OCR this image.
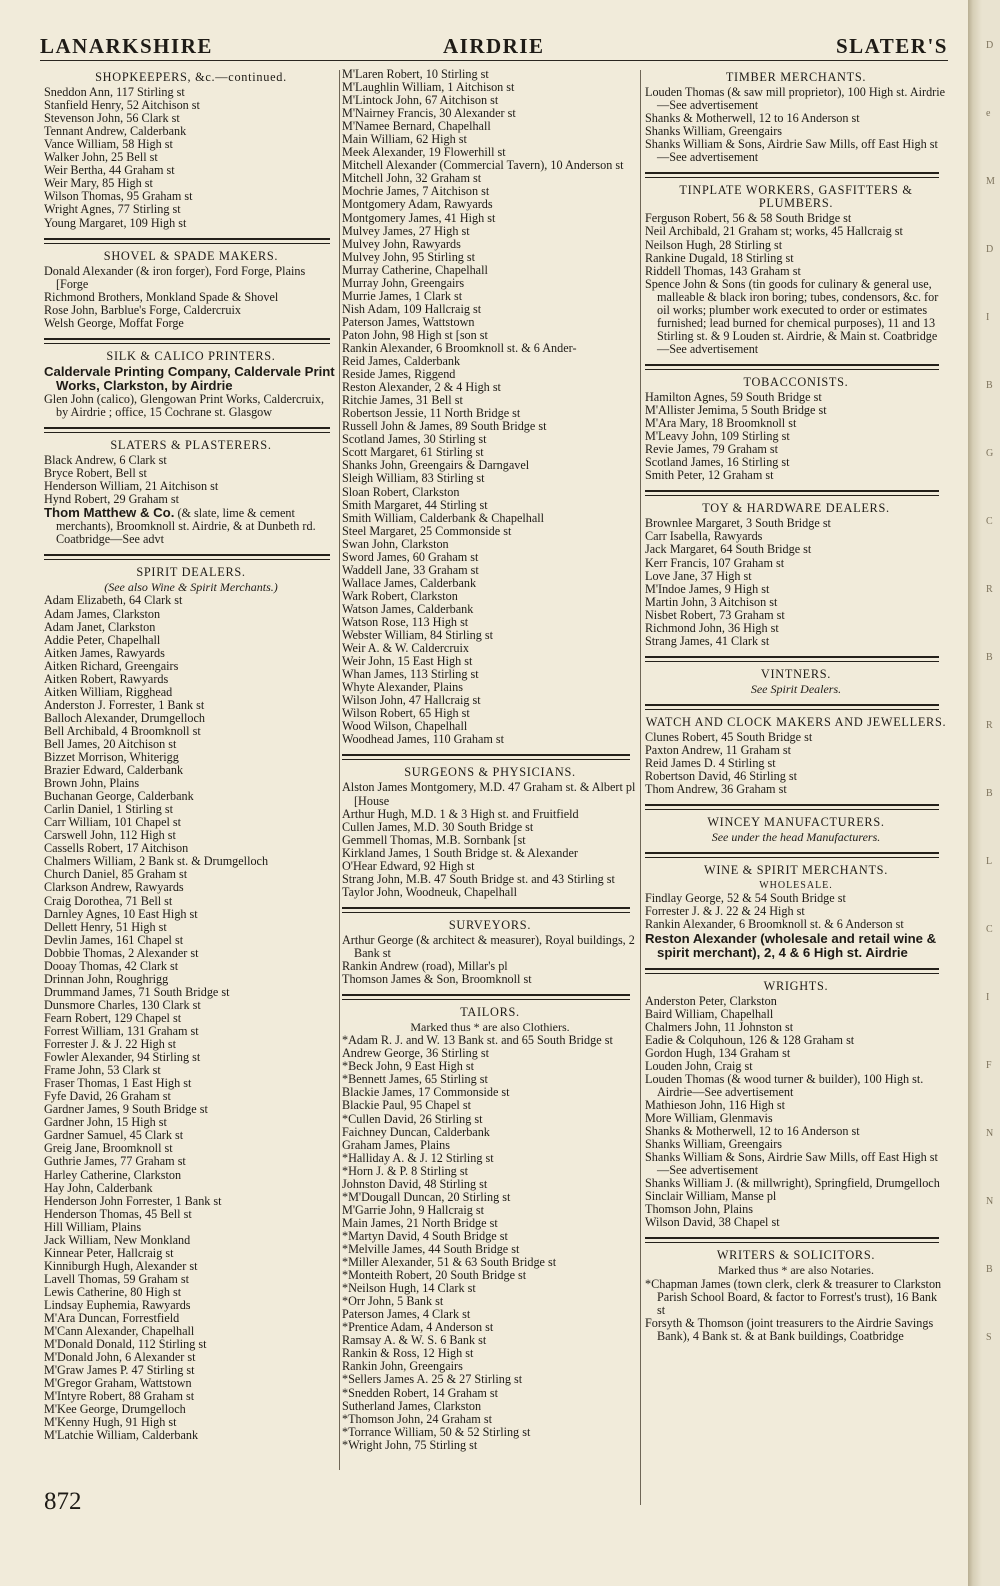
LANARKSHIRE	AIRDRIE	SLATER'S
SHOPKEEPERS, &c.—continued.
Sneddon Ann, 117 Stirling st
Stanfield Henry, 52 Aitchison st
Stevenson John, 56 Clark st
Tennant Andrew, Calderbank
Vance William, 58 High st
Walker John, 25 Bell st
Weir Bertha, 44 Graham st
Weir Mary, 85 High st
Wilson Thomas, 95 Graham st
Wright Agnes, 77 Stirling st
Young Margaret, 109 High st
SHOVEL & SPADE MAKERS.
Donald Alexander (& iron forger), Ford Forge, Plains [Forge
Richmond Brothers, Monkland Spade & Shovel
Rose John, Barblue's Forge, Caldercruix
Welsh George, Moffat Forge
SILK & CALICO PRINTERS.
Caldervale Printing Company, Caldervale Print Works, Clarkston, by Airdrie
Glen John (calico), Glengowan Print Works, Caldercruix, by Airdrie ; office, 15 Cochrane st. Glasgow
SLATERS & PLASTERERS.
Black Andrew, 6 Clark st
Bryce Robert, Bell st
Henderson William, 21 Aitchison st
Hynd Robert, 29 Graham st
Thom Matthew & Co. (& slate, lime & cement merchants), Broomknoll st. Airdrie, & at Dunbeth rd. Coatbridge—See advt
SPIRIT DEALERS.
(See also Wine & Spirit Merchants.)
Adam Elizabeth, 64 Clark st
Adam James, Clarkston
Adam Janet, Clarkston
Addie Peter, Chapelhall
Aitken James, Rawyards
Aitken Richard, Greengairs
Aitken Robert, Rawyards
Aitken William, Rigghead
Anderston J. Forrester, 1 Bank st
Balloch Alexander, Drumgelloch
Bell Archibald, 4 Broomknoll st
Bell James, 20 Aitchison st
Bizzet Morrison, Whiterigg
Brazier Edward, Calderbank
Brown John, Plains
Buchanan George, Calderbank
Carlin Daniel, 1 Stirling st
Carr William, 101 Chapel st
Carswell John, 112 High st
Cassells Robert, 17 Aitchison
Chalmers William, 2 Bank st. & Drumgelloch
Church Daniel, 85 Graham st
Clarkson Andrew, Rawyards
Craig Dorothea, 71 Bell st
Darnley Agnes, 10 East High st
Dellett Henry, 51 High st
Devlin James, 161 Chapel st
Dobbie Thomas, 2 Alexander st
Dooay Thomas, 42 Clark st
Drinnan John, Roughrigg
Drummand James, 71 South Bridge st
Dunsmore Charles, 130 Clark st
Fearn Robert, 129 Chapel st
Forrest William, 131 Graham st
Forrester J. & J. 22 High st
Fowler Alexander, 94 Stirling st
Frame John, 53 Clark st
Fraser Thomas, 1 East High st
Fyfe David, 26 Graham st
Gardner James, 9 South Bridge st
Gardner John, 15 High st
Gardner Samuel, 45 Clark st
Greig Jane, Broomknoll st
Guthrie James, 77 Graham st
Harley Catherine, Clarkston
Hay John, Calderbank
Henderson John Forrester, 1 Bank st
Henderson Thomas, 45 Bell st
Hill William, Plains
Jack William, New Monkland
Kinnear Peter, Hallcraig st
Kinniburgh Hugh, Alexander st
Lavell Thomas, 59 Graham st
Lewis Catherine, 80 High st
Lindsay Euphemia, Rawyards
M'Ara Duncan, Forrestfield
M'Cann Alexander, Chapelhall
M'Donald Donald, 112 Stirling st
M'Donald John, 6 Alexander st
M'Graw James P. 47 Stirling st
M'Gregor Graham, Wattstown
M'Intyre Robert, 88 Graham st
M'Kee George, Drumgelloch
M'Kenny Hugh, 91 High st
M'Latchie William, Calderbank
M'Laren Robert, 10 Stirling st
M'Laughlin William, 1 Aitchison st
M'Lintock John, 67 Aitchison st
M'Nairney Francis, 30 Alexander st
M'Namee Bernard, Chapelhall
Main William, 62 High st
Meek Alexander, 19 Flowerhill st
Mitchell Alexander (Commercial Tavern), 10 Anderson st
Mitchell John, 32 Graham st
Mochrie James, 7 Aitchison st
Montgomery Adam, Rawyards
Montgomery James, 41 High st
Mulvey James, 27 High st
Mulvey John, Rawyards
Mulvey John, 95 Stirling st
Murray Catherine, Chapelhall
Murray John, Greengairs
Murrie James, 1 Clark st
Nish Adam, 109 Hallcraig st
Paterson James, Wattstown
Paton John, 98 High st [son st
Rankin Alexander, 6 Broomknoll st. & 6 Ander-
Reid James, Calderbank
Reside James, Riggend
Reston Alexander, 2 & 4 High st
Ritchie James, 31 Bell st
Robertson Jessie, 11 North Bridge st
Russell John & James, 89 South Bridge st
Scotland James, 30 Stirling st
Scott Margaret, 61 Stirling st
Shanks John, Greengairs & Darngavel
Sleigh William, 83 Stirling st
Sloan Robert, Clarkston
Smith Margaret, 44 Stirling st
Smith William, Calderbank & Chapelhall
Steel Margaret, 25 Commonside st
Swan John, Clarkston
Sword James, 60 Graham st
Waddell Jane, 33 Graham st
Wallace James, Calderbank
Wark Robert, Clarkston
Watson James, Calderbank
Watson Rose, 113 High st
Webster William, 84 Stirling st
Weir A. & W. Caldercruix
Weir John, 15 East High st
Whan James, 113 Stirling st
Whyte Alexander, Plains
Wilson John, 47 Hallcraig st
Wilson Robert, 65 High st
Wood Wilson, Chapelhall
Woodhead James, 110 Graham st
SURGEONS & PHYSICIANS.
Alston James Montgomery, M.D. 47 Graham st. & Albert pl [House
Arthur Hugh, M.D. 1 & 3 High st. and Fruitfield
Cullen James, M.D. 30 South Bridge st
Gemmell Thomas, M.B. Sornbank [st
Kirkland James, 1 South Bridge st. & Alexander
O'Hear Edward, 92 High st
Strang John, M.B. 47 South Bridge st. and 43 Stirling st
Taylor John, Woodneuk, Chapelhall
SURVEYORS.
Arthur George (& architect & measurer), Royal buildings, 2 Bank st
Rankin Andrew (road), Millar's pl
Thomson James & Son, Broomknoll st
TAILORS.
Marked thus * are also Clothiers.
*Adam R. J. and W. 13 Bank st. and 65 South Bridge st
Andrew George, 36 Stirling st
*Beck John, 9 East High st
*Bennett James, 65 Stirling st
Blackie James, 17 Commonside st
Blackie Paul, 95 Chapel st
*Cullen David, 26 Stirling st
Faichney Duncan, Calderbank
Graham James, Plains
*Halliday A. & J. 12 Stirling st
*Horn J. & P. 8 Stirling st
Johnston David, 48 Stirling st
*M'Dougall Duncan, 20 Stirling st
M'Garrie John, 9 Hallcraig st
Main James, 21 North Bridge st
*Martyn David, 4 South Bridge st
*Melville James, 44 South Bridge st
*Miller Alexander, 51 & 63 South Bridge st
*Monteith Robert, 20 South Bridge st
*Neilson Hugh, 14 Clark st
*Orr John, 5 Bank st
Paterson James, 4 Clark st
*Prentice Adam, 4 Anderson st
Ramsay A. & W. S. 6 Bank st
Rankin & Ross, 12 High st
Rankin John, Greengairs
*Sellers James A. 25 & 27 Stirling st
*Snedden Robert, 14 Graham st
Sutherland James, Clarkston
*Thomson John, 24 Graham st
*Torrance William, 50 & 52 Stirling st
*Wright John, 75 Stirling st
TIMBER MERCHANTS.
Louden Thomas (& saw mill proprietor), 100 High st. Airdrie—See advertisement
Shanks & Motherwell, 12 to 16 Anderson st
Shanks William, Greengairs
Shanks William & Sons, Airdrie Saw Mills, off East High st—See advertisement
TINPLATE WORKERS, GASFITTERS & PLUMBERS.
Ferguson Robert, 56 & 58 South Bridge st
Neil Archibald, 21 Graham st; works, 45 Hallcraig st
Neilson Hugh, 28 Stirling st
Rankine Dugald, 18 Stirling st
Riddell Thomas, 143 Graham st
Spence John & Sons (tin goods for culinary & general use, malleable & black iron boring; tubes, condensors, &c. for oil works; plumber work executed to order or estimates furnished; lead burned for chemical purposes), 11 and 13 Stirling st. & 9 Louden st. Airdrie, & Main st. Coatbridge—See advertisement
TOBACCONISTS.
Hamilton Agnes, 59 South Bridge st
M'Allister Jemima, 5 South Bridge st
M'Ara Mary, 18 Broomknoll st
M'Leavy John, 109 Stirling st
Revie James, 79 Graham st
Scotland James, 16 Stirling st
Smith Peter, 12 Graham st
TOY & HARDWARE DEALERS.
Brownlee Margaret, 3 South Bridge st
Carr Isabella, Rawyards
Jack Margaret, 64 South Bridge st
Kerr Francis, 107 Graham st
Love Jane, 37 High st
M'Indoe James, 9 High st
Martin John, 3 Aitchison st
Nisbet Robert, 73 Graham st
Richmond John, 36 High st
Strang James, 41 Clark st
VINTNERS.
See Spirit Dealers.
WATCH AND CLOCK MAKERS AND JEWELLERS.
Clunes Robert, 45 South Bridge st
Paxton Andrew, 11 Graham st
Reid James D. 4 Stirling st
Robertson David, 46 Stirling st
Thom Andrew, 36 Graham st
WINCEY MANUFACTURERS.
See under the head Manufacturers.
WINE & SPIRIT MERCHANTS.
WHOLESALE.
Findlay George, 52 & 54 South Bridge st
Forrester J. & J. 22 & 24 High st
Rankin Alexander, 6 Broomknoll st. & 6 Anderson st
Reston Alexander (wholesale and retail wine & spirit merchant), 2, 4 & 6 High st. Airdrie
WRIGHTS.
Anderston Peter, Clarkston
Baird William, Chapelhall
Chalmers John, 11 Johnston st
Eadie & Colquhoun, 126 & 128 Graham st
Gordon Hugh, 134 Graham st
Louden John, Craig st
Louden Thomas (& wood turner & builder), 100 High st. Airdrie—See advertisement
Mathieson John, 116 High st
More William, Glenmavis
Shanks & Motherwell, 12 to 16 Anderson st
Shanks William, Greengairs
Shanks William & Sons, Airdrie Saw Mills, off East High st—See advertisement
Shanks William J. (& millwright), Springfield, Drumgelloch
Sinclair William, Manse pl
Thomson John, Plains
Wilson David, 38 Chapel st
WRITERS & SOLICITORS.
Marked thus * are also Notaries.
*Chapman James (town clerk, clerk & treasurer to Clarkston Parish School Board, & factor to Forrest's trust), 16 Bank st
Forsyth & Thomson (joint treasurers to the Airdrie Savings Bank), 4 Bank st. & at Bank buildings, Coatbridge
872
D
e
M
D
I
B
G
C
R
B
R
B
L
C
I
F
N
N
B
S
